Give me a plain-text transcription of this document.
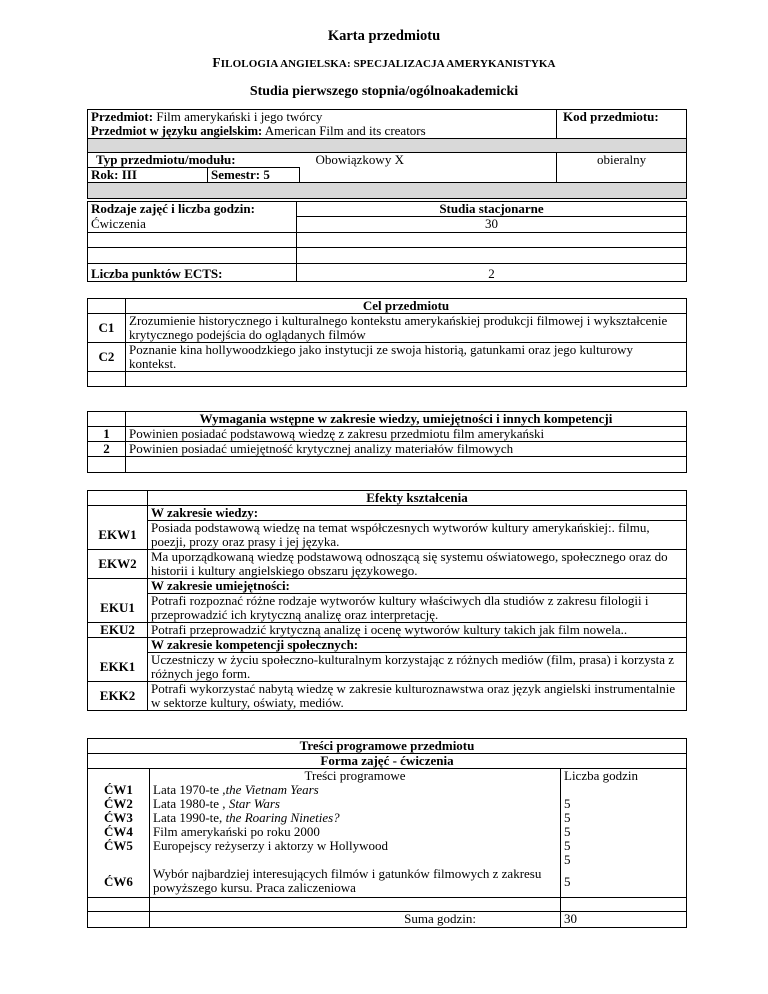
Karta przedmiotu
FILOLOGIA ANGIELSKA: SPECJALIZACJA AMERYKANISTYKA
Studia pierwszego stopnia/ogólnoakademicki
Przedmiot: Film amerykański i jego twórcy			Kod przedmiotu:
Przedmiot w języku angielskim: American Film and its creators			

Typ przedmiotu/modułu:		Obowiązkowy X	obieralny
Rok: III	Semestr: 5		

Rodzaje zajęć i liczba godzin:	Studia stacjonarne
Ćwiczenia	30

Liczba punktów ECTS:	2
	Cel przedmiotu
C1	Zrozumienie historycznego i kulturalnego kontekstu amerykańskiej produkcji filmowej i wykształcenie krytycznego podejścia do oglądanych filmów
C2	Poznanie kina hollywoodzkiego jako instytucji ze swoja historią, gatunkami oraz jego kulturowy kontekst.

	Wymagania wstępne w zakresie wiedzy, umiejętności i innych kompetencji
1	Powinien posiadać podstawową wiedzę z zakresu przedmiotu film amerykański
2	Powinien posiadać umiejętność krytycznej analizy materiałów filmowych

	Efekty kształcenia
	W zakresie wiedzy:
EKW1	Posiada podstawową wiedzę na temat współczesnych wytworów kultury amerykańskiej:. filmu, poezji, prozy oraz prasy i jej języka.
EKW2	Ma uporządkowaną wiedzę podstawową odnoszącą się systemu oświatowego, społecznego oraz do historii i kultury angielskiego obszaru językowego.
	W zakresie umiejętności:
EKU1	Potrafi rozpoznać różne rodzaje wytworów kultury właściwych dla studiów z zakresu filologii i przeprowadzić ich krytyczną analizę oraz interpretację.
EKU2	Potrafi przeprowadzić krytyczną analizę i ocenę wytworów kultury takich jak film nowela..
	W zakresie kompetencji społecznych:
EKK1	Uczestniczy w życiu społeczno-kulturalnym korzystając z różnych mediów (film, prasa) i korzysta z różnych jego form.
EKK2	Potrafi wykorzystać nabytą wiedzę w zakresie kulturoznawstwa oraz język angielski instrumentalnie w sektorze kultury, oświaty, mediów.
Treści programowe przedmiotu		
Forma zajęć - ćwiczenia		
	Treści programowe	Liczba godzin
ĆW1	Lata 1970-te ,the Vietnam Years	
ĆW2	Lata 1980-te , Star Wars	5
ĆW3	Lata 1990-te, the Roaring Nineties?	5
ĆW4	Film amerykański po roku 2000	5
ĆW5	Europejscy reżyserzy i aktorzy w Hollywood	5
		5
ĆW6	Wybór najbardziej interesujących filmów i gatunków filmowych z zakresu powyższego kursu. Praca zaliczeniowa	5

	Suma godzin:	30
